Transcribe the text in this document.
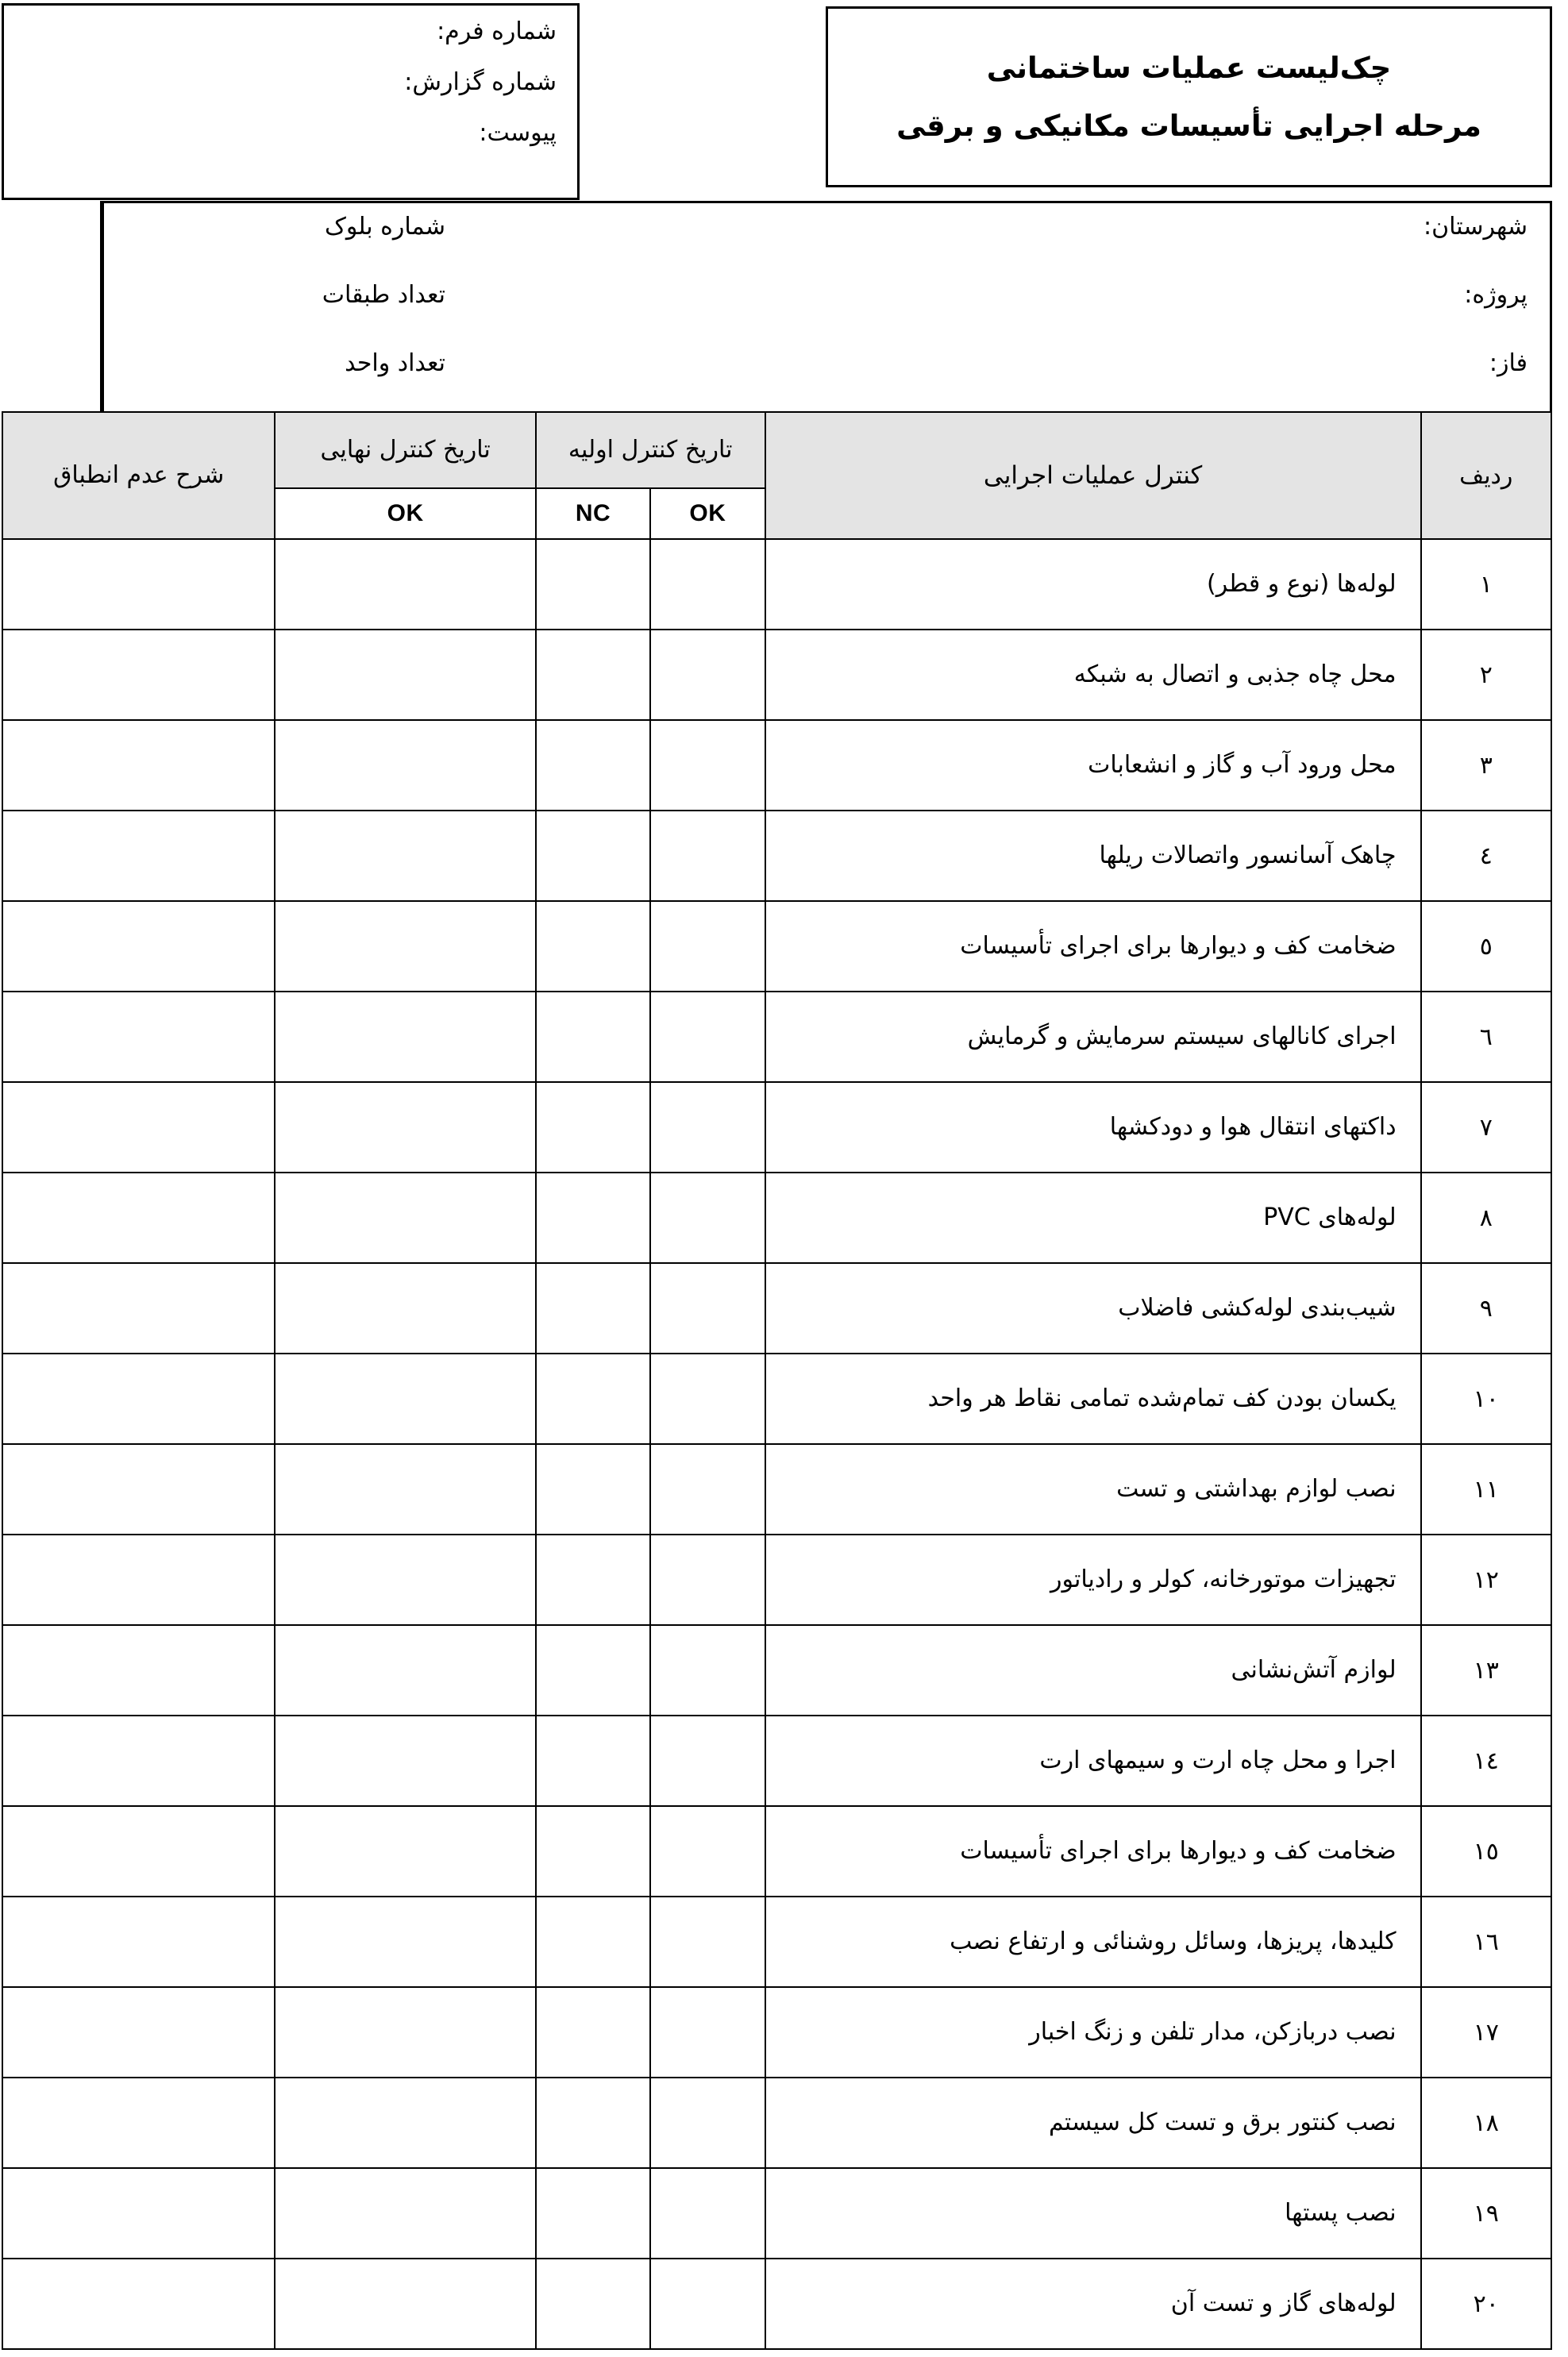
شماره فرم:
شماره گزارش:
پیوست:
چک‌لیست عملیات ساختمانی
مرحله اجرایی تأسیسات مکانیکی و برقی
شهرستان:
شماره بلوک
پروژه:
تعداد طبقات
فاز:
تعداد واحد
ردیف	کنترل عملیات اجرایی	تاریخ کنترل اولیه		تاریخ کنترل نهایی	شرح عدم انطباق
		OK	NC	OK	
۱	لوله‌ها (نوع و قطر)				
۲	محل چاه جذبی و اتصال به شبکه				
۳	محل ورود آب و گاز و انشعابات				
٤	چاهک آسانسور واتصالات ریلها				
٥	ضخامت کف و دیوارها برای اجرای تأسیسات				
٦	اجرای کانالهای سیستم سرمایش و گرمایش				
۷	داکتهای انتقال هوا و دودکشها				
۸	لوله‌های PVC				
۹	شیب‌بندی لوله‌کشی فاضلاب				
۱۰	یکسان بودن کف تمام‌شده تمامی نقاط هر واحد				
۱۱	نصب لوازم بهداشتی و تست				
۱۲	تجهیزات موتورخانه، کولر و رادیاتور				
۱۳	لوازم آتش‌نشانی				
۱٤	اجرا و محل چاه ارت و سیمهای ارت				
۱٥	ضخامت کف و دیوارها برای اجرای تأسیسات				
۱٦	کلیدها، پریزها، وسائل روشنائی و ارتفاع نصب				
۱۷	نصب دربازکن، مدار تلفن و زنگ اخبار				
۱۸	نصب کنتور برق و تست کل سیستم				
۱۹	نصب پستها				
۲۰	لوله‌های گاز و تست آن				
